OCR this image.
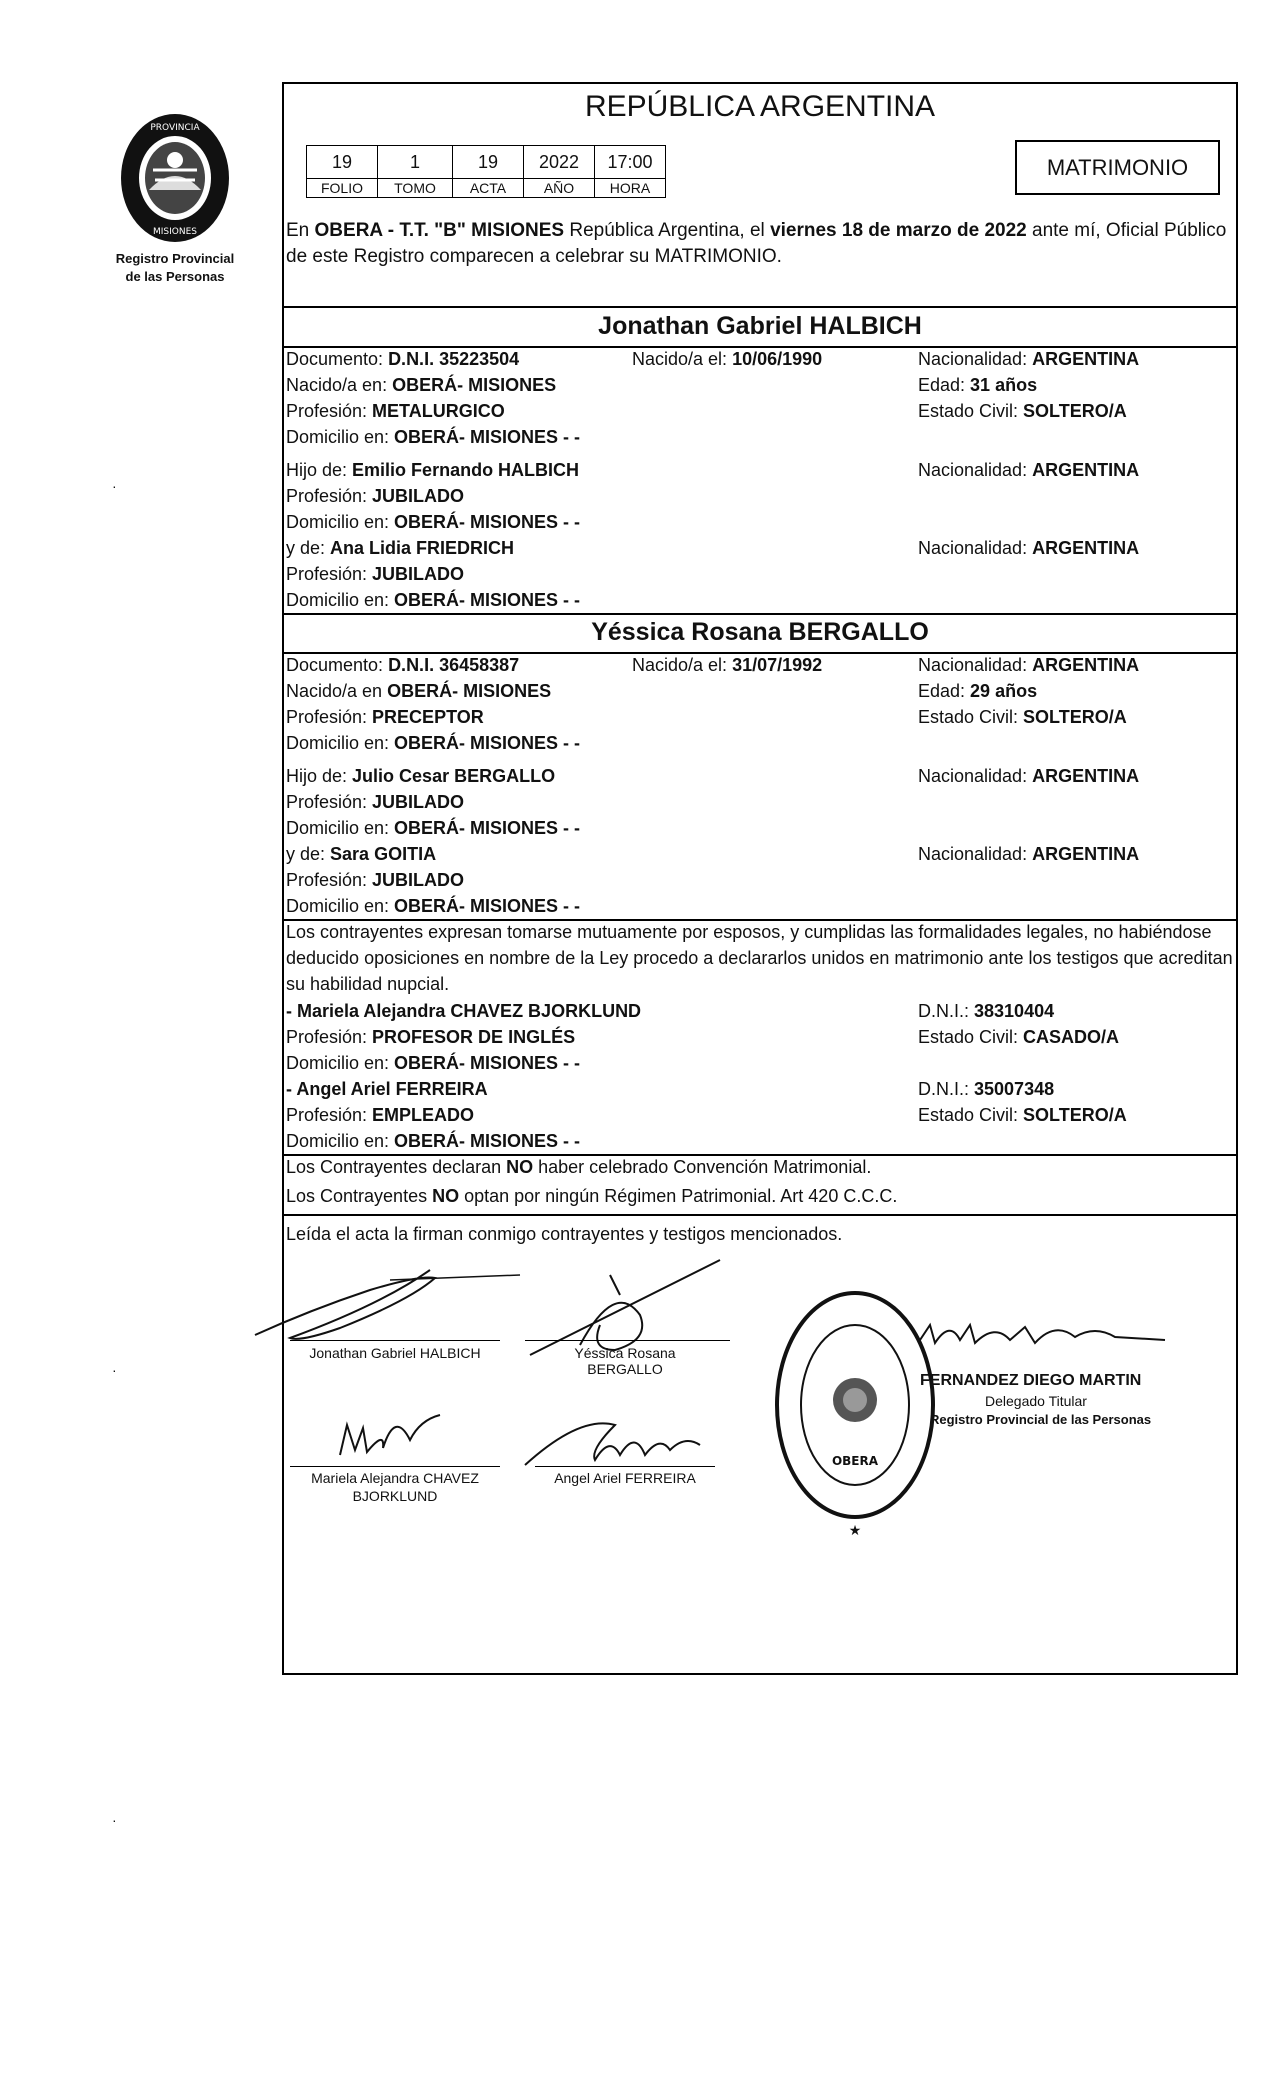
PROVINCIA
MISIONES
Registro Provincial
de las Personas
·
·
·
REPÚBLICA ARGENTINA
19	1	19	2022	17:00
FOLIO	TOMO	ACTA	AÑO	HORA
MATRIMONIO
En OBERA - T.T. "B" MISIONES República Argentina, el viernes 18 de marzo de 2022 ante mí, Oficial Público de este Registro comparecen a celebrar su MATRIMONIO.
Jonathan Gabriel HALBICH
Documento: D.N.I. 35223504	Nacido/a el: 10/06/1990	Nacionalidad: ARGENTINA
Nacido/a en: OBERÁ- MISIONES	Edad: 31 años
Profesión: METALURGICO	Estado Civil: SOLTERO/A
Domicilio en: OBERÁ- MISIONES - -
Hijo de: Emilio Fernando HALBICH	Nacionalidad: ARGENTINA
Profesión: JUBILADO
Domicilio en: OBERÁ- MISIONES - -
y de: Ana Lidia FRIEDRICH	Nacionalidad: ARGENTINA
Profesión: JUBILADO
Domicilio en: OBERÁ- MISIONES - -
Yéssica Rosana BERGALLO
Documento: D.N.I. 36458387	Nacido/a el: 31/07/1992	Nacionalidad: ARGENTINA
Nacido/a en OBERÁ- MISIONES	Edad: 29 años
Profesión: PRECEPTOR	Estado Civil: SOLTERO/A
Domicilio en: OBERÁ- MISIONES - -
Hijo de: Julio Cesar BERGALLO	Nacionalidad: ARGENTINA
Profesión: JUBILADO
Domicilio en: OBERÁ- MISIONES - -
y de: Sara GOITIA	Nacionalidad: ARGENTINA
Profesión: JUBILADO
Domicilio en: OBERÁ- MISIONES - -
Los contrayentes expresan tomarse mutuamente por esposos, y cumplidas las formalidades legales, no habiéndose deducido oposiciones en nombre de la Ley procedo a declararlos unidos en matrimonio ante los testigos que acreditan su habilidad nupcial.
- Mariela Alejandra CHAVEZ BJORKLUND	D.N.I.: 38310404
Profesión: PROFESOR DE INGLÉS	Estado Civil: CASADO/A
Domicilio en: OBERÁ- MISIONES - -
- Angel Ariel FERREIRA	D.N.I.: 35007348
Profesión: EMPLEADO	Estado Civil: SOLTERO/A
Domicilio en: OBERÁ- MISIONES - -
Los Contrayentes declaran NO haber celebrado Convención Matrimonial.
Los Contrayentes NO optan por ningún Régimen Patrimonial. Art 420 C.C.C.
Leída el acta la firman conmigo contrayentes y testigos mencionados.
Jonathan Gabriel HALBICH	Yéssica Rosana
BERGALLO
Mariela Alejandra CHAVEZ
BJORKLUND
Angel Ariel FERREIRA
OBERA
★
FERNANDEZ DIEGO MARTIN
Delegado Titular
Registro Provincial de las Personas
